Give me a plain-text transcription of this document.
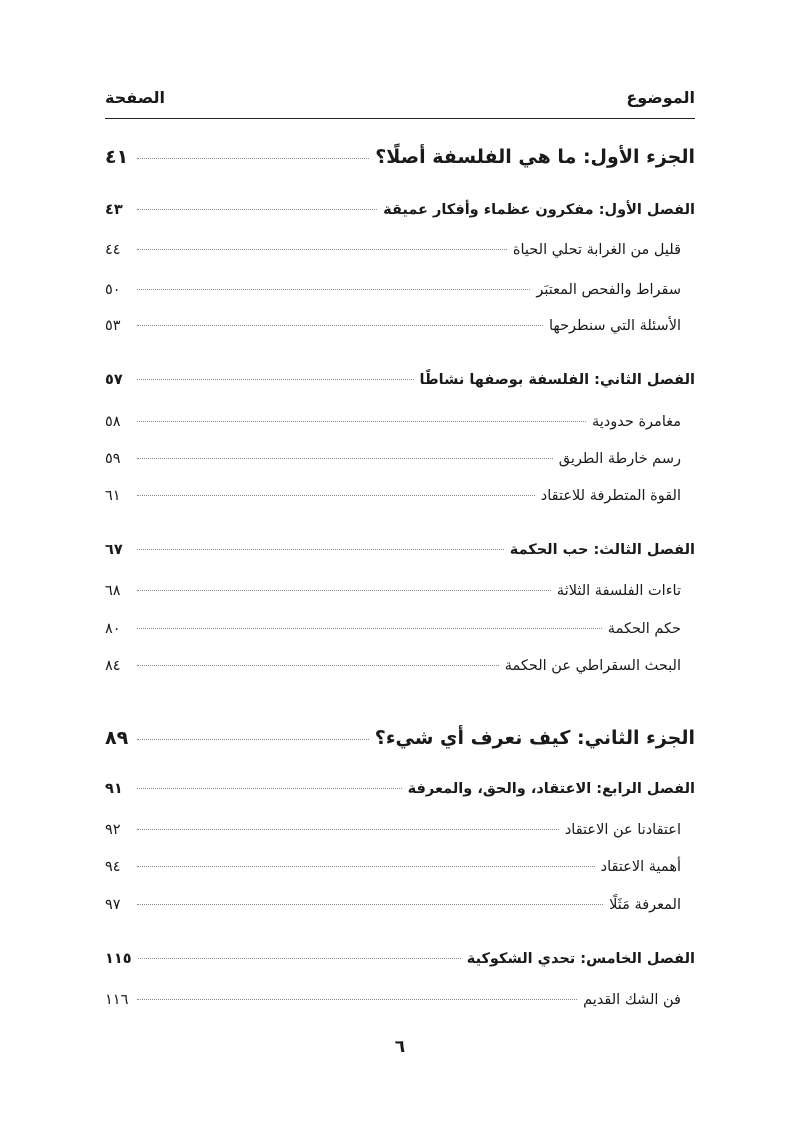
الموضوع
الصفحة
الجزء الأول: ما هي الفلسفة أصلًا؟
٤١
الفصل الأول: مفكرون عظماء وأفكار عميقة
٤٣
قليل من الغرابة تحلي الحياة
٤٤
سقراط والفحص المعتبَر
٥٠
الأسئلة التي سنطرحها
٥٣
الفصل الثاني: الفلسفة بوصفها نشاطًا
٥٧
مغامرة حدودية
٥٨
رسم خارطة الطريق
٥٩
القوة المتطرفة للاعتقاد
٦١
الفصل الثالث: حب الحكمة
٦٧
تاءات الفلسفة الثلاثة
٦٨
حكم الحكمة
٨٠
البحث السقراطي عن الحكمة
٨٤
الجزء الثاني: كيف نعرف أي شيء؟
٨٩
الفصل الرابع: الاعتقاد، والحق، والمعرفة
٩١
اعتقادنا عن الاعتقاد
٩٢
أهمية الاعتقاد
٩٤
المعرفة مَثَلًا
٩٧
الفصل الخامس: تحدي الشكوكية
١١٥
فن الشك القديم
١١٦
٦
